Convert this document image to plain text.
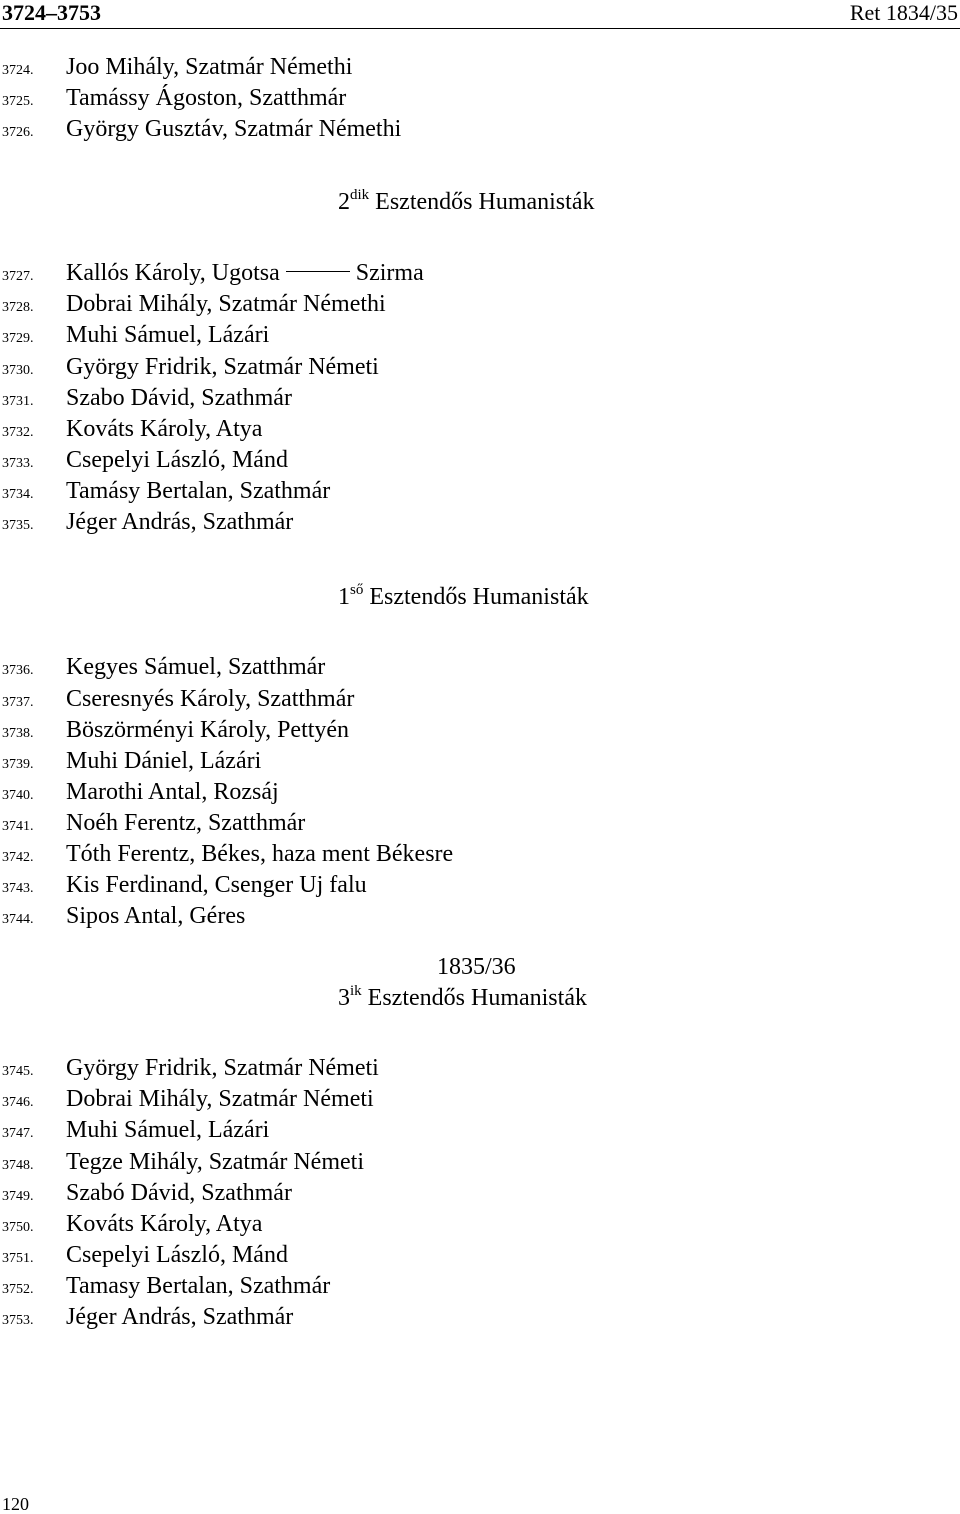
3724–3753	Ret 1834/35
3724. Joo Mihály, Szatmár Némethi
3725. Tamássy Ágoston, Szatthmár
3726. György Gusztáv, Szatmár Némethi
$2^{dik}$ Esztendős Humanisták
3727. Kallós Károly, Ugotsa	Szirma
3728. Dobrai Mihály, Szatmár Némethi
3729. Muhi Sámuel, Lázári
3730. György Fridrik, Szatmár Németi
3731. Szabo Dávid, Szathmár
3732. Kováts Károly, Atya
3733. Csepelyi László, Mánd
3734. Tamásy Bertalan, Szathmár
3735. Jéger András, Szathmár
$1^{ső}$ Esztendős Humanisták
3736. Kegyes Sámuel, Szatthmár
3737. Cseresnyés Károly, Szatthmár
3738. Böszörményi Károly, Pettyén
3739. Muhi Dániel, Lázári
3740. Marothi Antal, Rozsáj
3741. Noéh Ferentz, Szatthmár
3742. Tóth Ferentz, Békes, haza ment Békesre
3743. Kis Ferdinand, Csenger Uj falu
3744. Sipos Antal, Géres
1835/36
$3^{ik}$ Esztendős Humanisták
3745. György Fridrik, Szatmár Németi
3746. Dobrai Mihály, Szatmár Németi
3747. Muhi Sámuel, Lázári
3748. Tegze Mihály, Szatmár Németi
3749. Szabó Dávid, Szathmár
3750. Kováts Károly, Atya
3751. Csepelyi László, Mánd
3752. Tamasy Bertalan, Szathmár
3753. Jéger András, Szathmár
120
